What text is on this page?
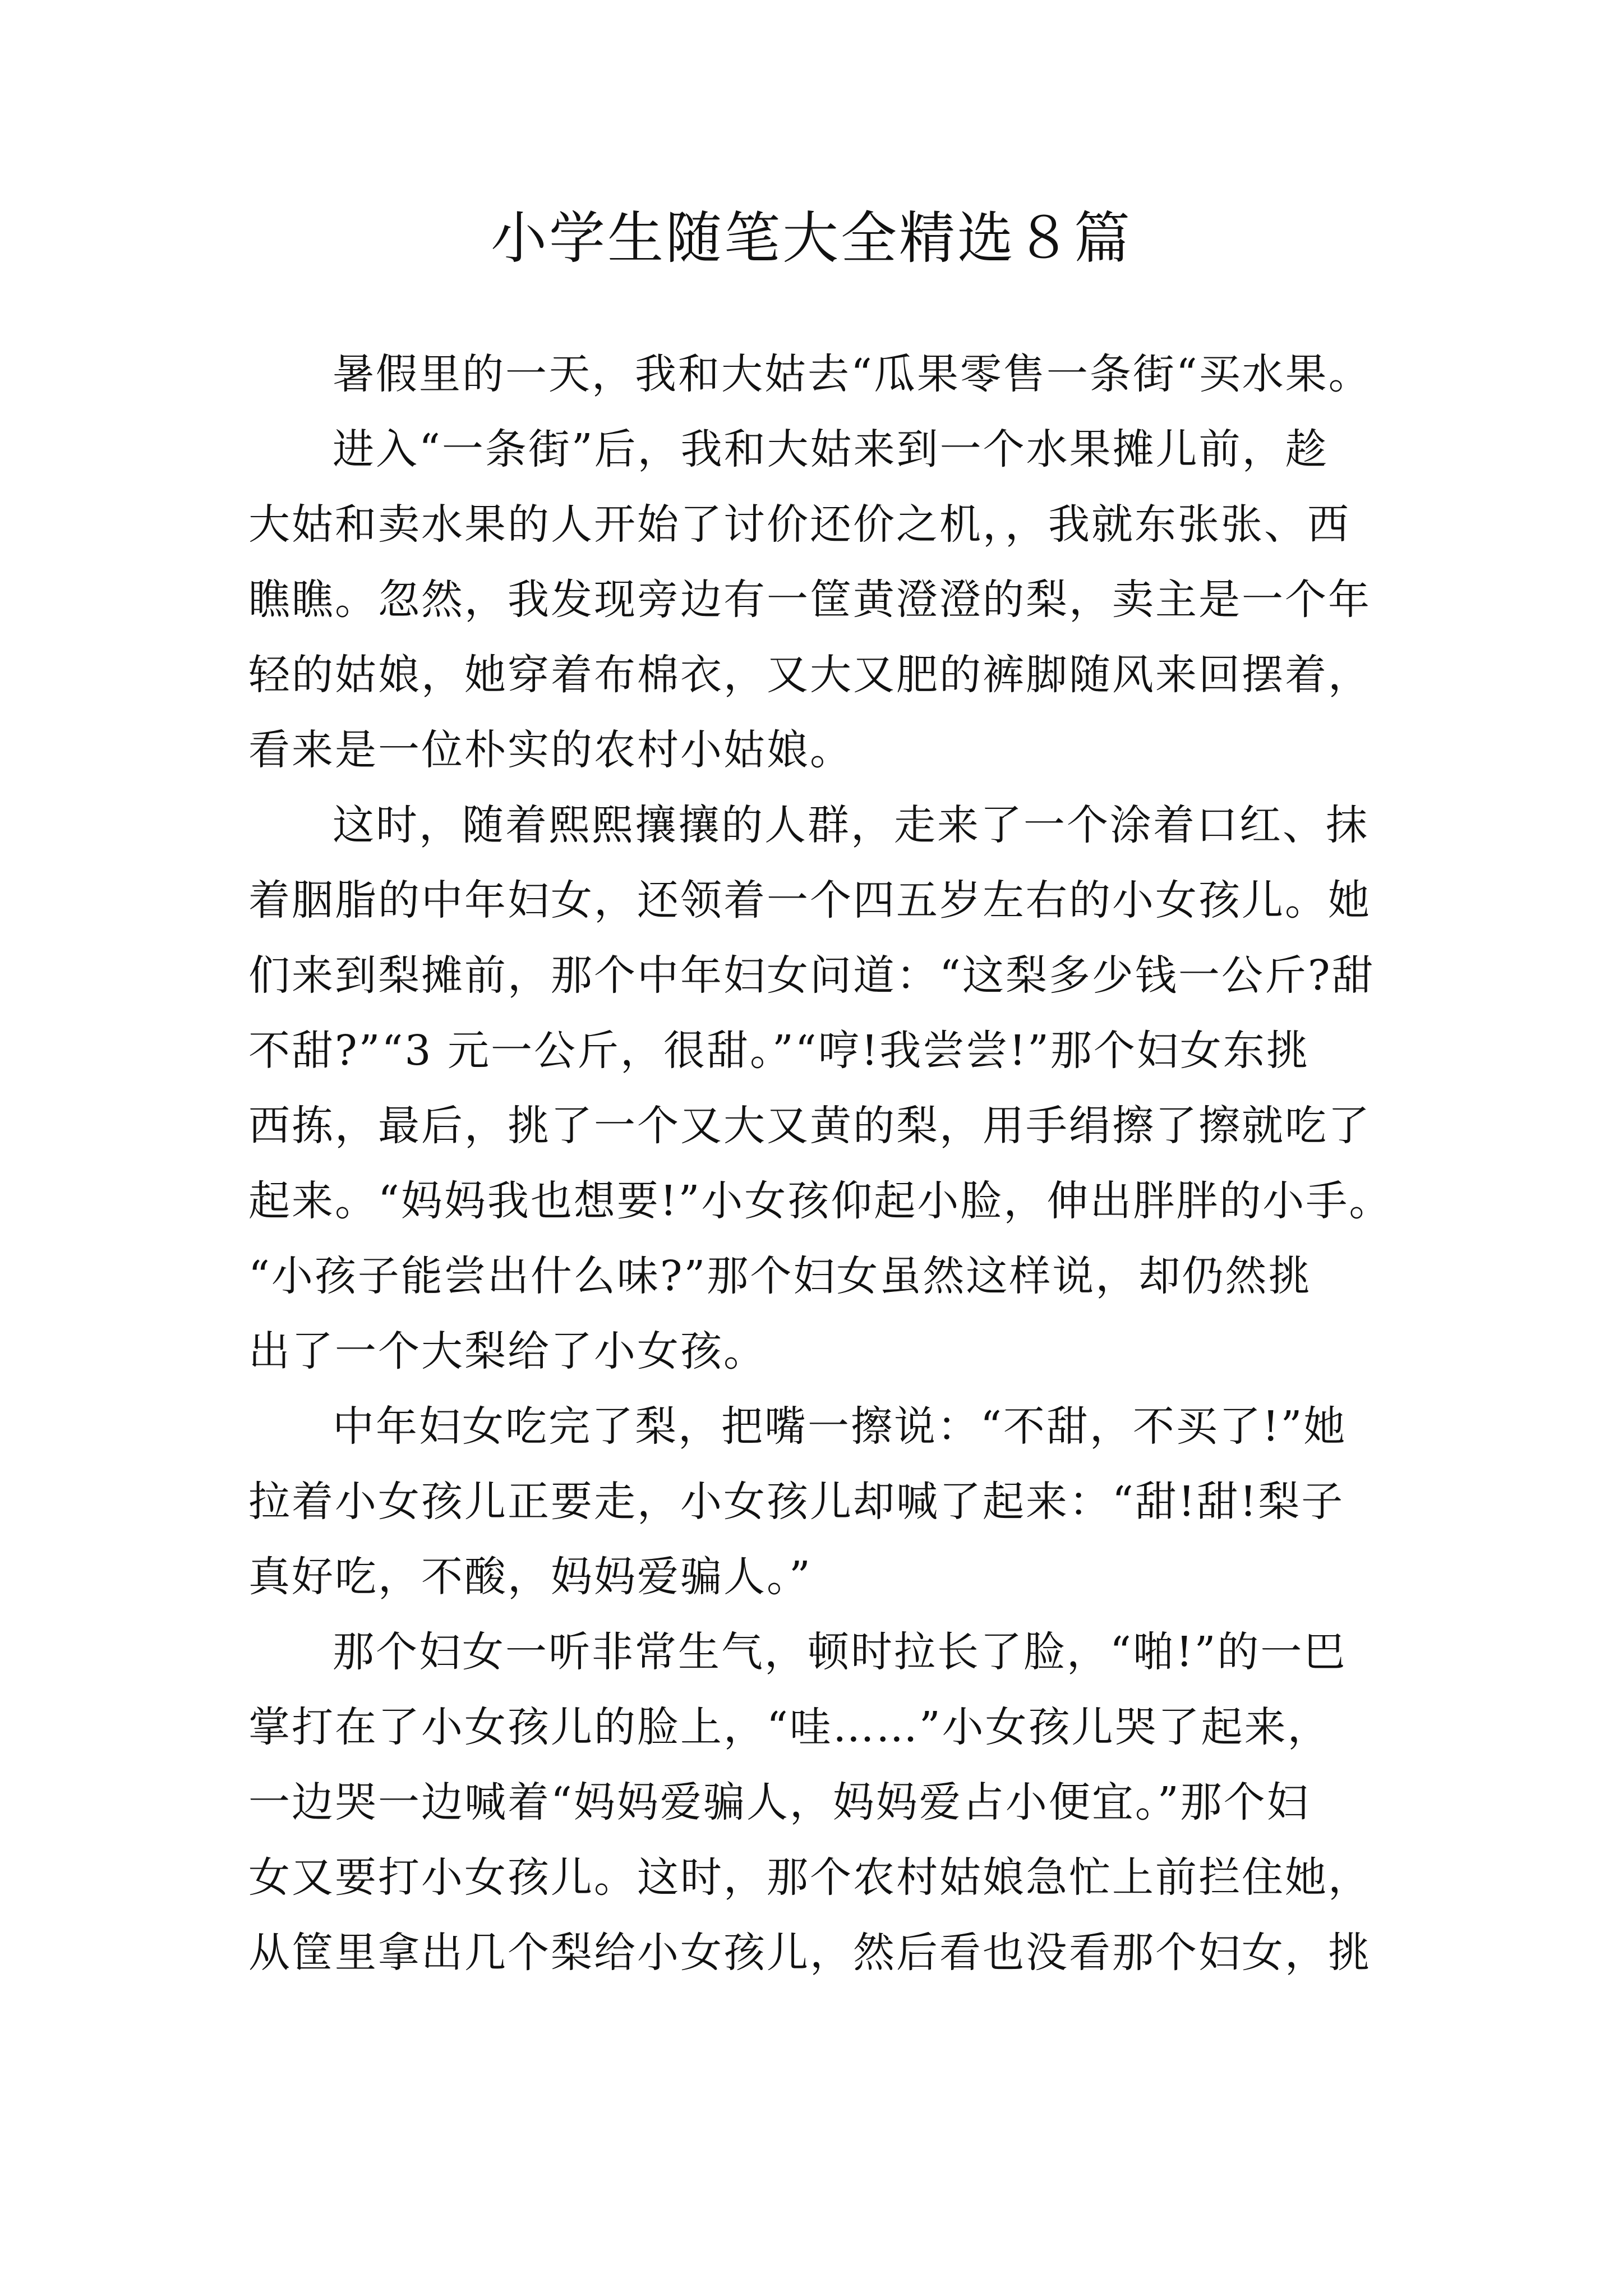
小学生随笔大全精选８篇
暑假里的一天，我和大姑去“瓜果零售一条街“买水果。
进入“一条街”后，我和大姑来到一个水果摊儿前，趁
大姑和卖水果的人开始了讨价还价之机，，我就东张张、西
瞧瞧。忽然，我发现旁边有一筐黄澄澄的梨，卖主是一个年
轻的姑娘，她穿着布棉衣，又大又肥的裤脚随风来回摆着，
看来是一位朴实的农村小姑娘。
这时，随着熙熙攘攘的人群，走来了一个涂着口红、抹
着胭脂的中年妇女，还领着一个四五岁左右的小女孩儿。她
们来到梨摊前，那个中年妇女问道：“这梨多少钱一公斤?甜
不甜?”“3 元一公斤，很甜。”“哼!我尝尝!”那个妇女东挑
西拣，最后，挑了一个又大又黄的梨，用手绢擦了擦就吃了
起来。“妈妈我也想要!”小女孩仰起小脸，伸出胖胖的小手。
“小孩子能尝出什么味?”那个妇女虽然这样说，却仍然挑
出了一个大梨给了小女孩。
中年妇女吃完了梨，把嘴一擦说：“不甜，不买了!”她
拉着小女孩儿正要走，小女孩儿却喊了起来：“甜!甜!梨子
真好吃，不酸，妈妈爱骗人。”
那个妇女一听非常生气，顿时拉长了脸，“啪!”的一巴
掌打在了小女孩儿的脸上，“哇……”小女孩儿哭了起来，
一边哭一边喊着“妈妈爱骗人，妈妈爱占小便宜。”那个妇
女又要打小女孩儿。这时，那个农村姑娘急忙上前拦住她，
从筐里拿出几个梨给小女孩儿，然后看也没看那个妇女，挑
